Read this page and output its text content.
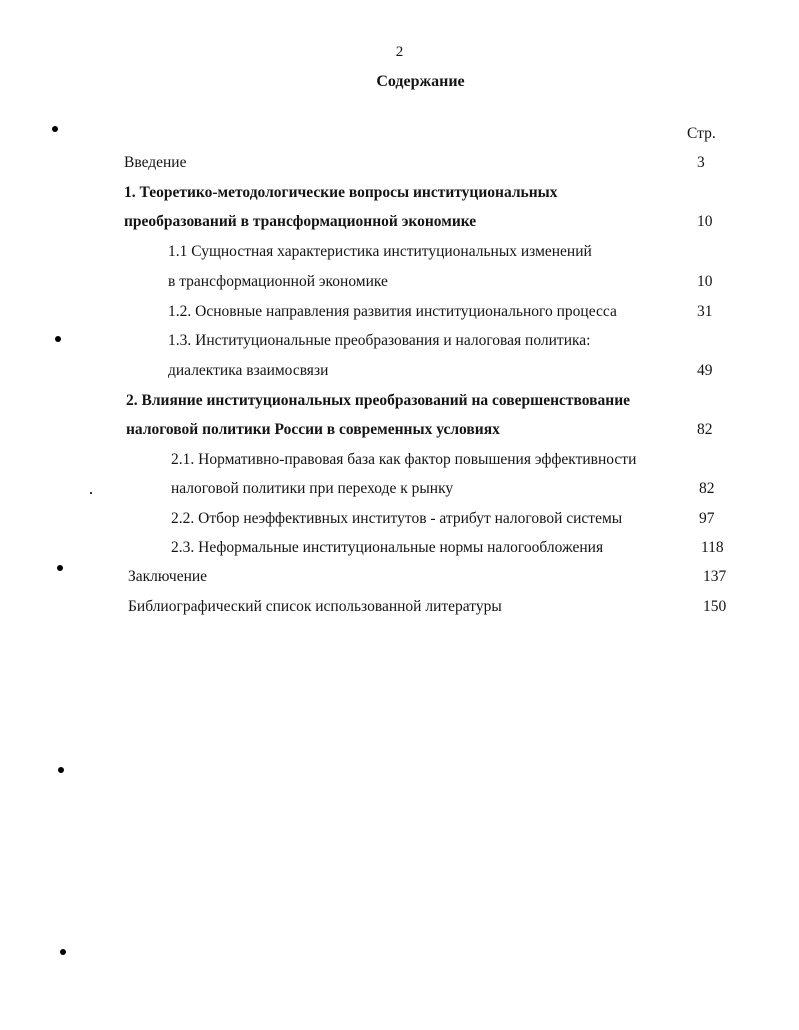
2
Содержание
Стр.
Введение	3
1. Теоретико-методологические вопросы институциональных
преобразований в трансформационной экономике	10
1.1 Сущностная характеристика институциональных изменений
в трансформационной экономике	10
1.2. Основные направления развития институционального процесса	31
1.3. Институциональные преобразования и налоговая политика:
диалектика взаимосвязи	49
2. Влияние институциональных преобразований на совершенствование
налоговой политики России в современных условиях	82
2.1. Нормативно-правовая база как фактор повышения эффективности
налоговой политики при переходе к рынку	82
2.2. Отбор неэффективных институтов - атрибут налоговой системы	97
2.3. Неформальные институциональные нормы налогообложения	118
Заключение	137
Библиографический список использованной литературы	150
